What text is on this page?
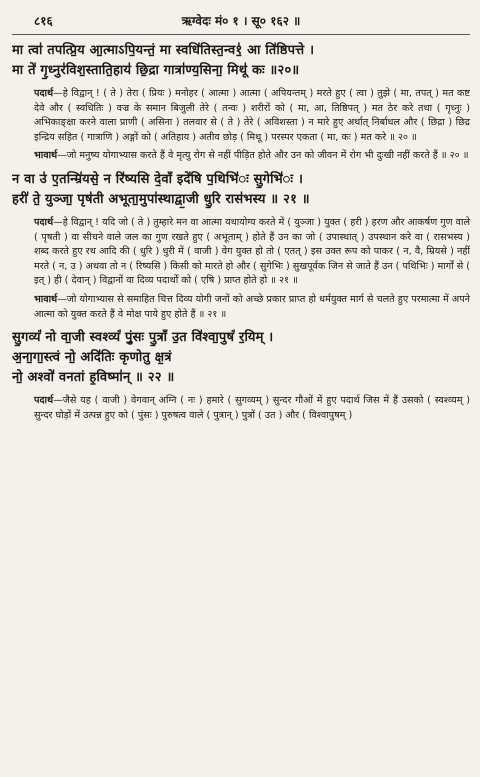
८१६	ऋग्वेदः मं० १ । सू० १६२ ॥

मा त्वा॑ तपत्प्रि॒य आ॒त्माऽपि॒यन्तं॒ मा स्वधि॑तिस्त॒न्व१॒॑ आ ति॑ष्ठिपत्ते ।

मा ते॑ गृ॒ध्नुर॑विश॒स्ताति॒हाय॑ छि॒द्रा गात्रा॑ण्य॒सिना॒ मिथू॑ कः ॥२०॥

पदार्थ—हे विद्वान् ! ( ते ) तेरा ( प्रियः ) मनोहर ( आत्मा ) आत्मा ( अपियन्तम् ) मरते हुए ( त्वा ) तुझे ( मा, तपत् ) मत कष्ट देवे और ( स्वधितिः ) वज्र के समान बिजुली तेरे ( तन्वः ) शरीरों को ( मा, आ, तिष्ठिपत् ) मत ठेर करे तथा ( गृध्नुः ) अभिकाङ्क्षा करने वाला प्राणी ( असिना ) तलवार से ( ते ) तेरे ( अविशस्ता ) न मारे हुए अर्थात् निर्बाधल और ( छिद्रा ) छिद्र इन्द्रिय सहित ( गात्राणि ) अङ्गों को ( अतिहाय ) अतीव छोड़ ( मिथू ) परस्पर एकता ( मा, कः ) मत करे ॥ २० ॥

भावार्थ—जो मनुष्य योगाभ्यास करते हैं वे मृत्यु रोग से नहीं पीड़ित होते और उन को जीवन में रोग भी दुःखी नहीं करते हैं ॥ २० ॥

न वा उ॑ ए॒तन्म्रि॑यसे॒ न रि॑ष्यसि दे॒वाँ इदे॑षि प॒थिभि॑ः सु॒गेभि॑ः ।

हरी॑ ते॒ युञ्जा॒ पृष॑ती अभूता॒मुपा॑स्थाद्वा॒जी धु॒रि रास॑भस्य ॥ २१ ॥

पदार्थ—हे विद्वान् ! यदि जो ( ते ) तुम्हारे मन वा आत्मा यथायोग्य करते में ( युञ्जा ) युक्त ( हरी ) हरण और आकर्षण गुण वाले ( पृषती ) वा सीचने वाले जल का गुण रखते हुए ( अभूताम् ) होते हैं उन का जो ( उपास्थात् ) उपस्थान करे वा ( रासभस्य ) शब्द करते हुए रथ आदि की ( धुरि ) धुरी में ( वाजी ) वेग युक्त हो तो ( एतत् ) इस उक्त रूप को पाकर ( न, वै, म्रियसे ) नहीं मरते ( न, उ ) अथवा तो न ( रिष्यसि ) किसी को मारते हो और ( सुगेभिः ) सुखपूर्वक जिन से जाते हैं उन ( पथिभिः ) मार्गों से ( इत् ) ही ( देवान् ) विद्वानों वा दिव्य पदार्थों को ( एषि ) प्राप्त होते हो ॥ २१ ॥

भावार्थ—जो योगाभ्यास से समाहित चित्त दिव्य योगी जनों को अच्छे प्रकार प्राप्त हो धर्मयुक्त मार्ग से चलते हुए परमात्मा में अपने आत्मा को युक्त करते हैं वे मोक्ष पाये हुए होते हैं ॥ २१ ॥

सु॒गव्यं॑ नो वा॒जी स्वश्व्यं॑ पुं॒सः पु॒त्राँ उ॒त वि॑श्वा॒पुषं॑ र॒यिम् ।

अ॒ना॒गा॒स्त्वं नो॒ अदि॑तिः कृणोतु क्ष॒त्रं

नो॒ अश्वो॑ वनतां ह॒विष्मा॑न् ॥ २२ ॥

पदार्थ—जैसे यह ( वाजी ) वेगवान् अग्नि ( नः ) हमारे ( सुगव्यम् ) सुन्दर गौओं में हुए पदार्थ जिस में हैं उसको ( स्वश्व्यम् ) सुन्दर घोड़ों में उत्पन्न हुए को ( पुंसः ) पुरुषत्व वाले ( पुत्रान् ) पुत्रों ( उत ) और ( विश्वापुषम् )
